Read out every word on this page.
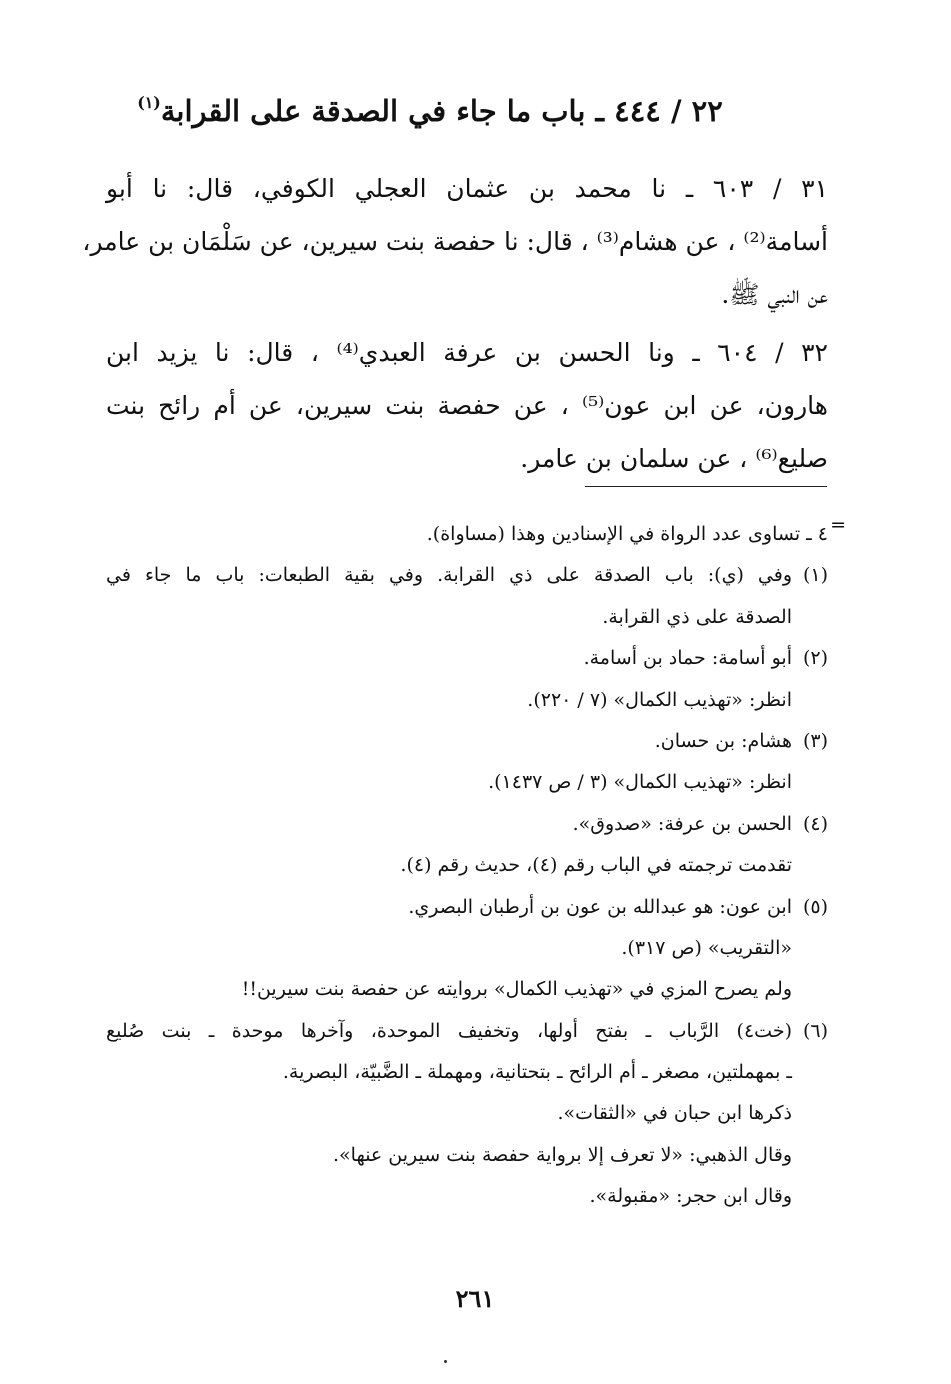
٢٢ / ٤٤٤ ـ باب ما جاء في الصدقة على القرابة$^{(١)}$
٣١ / ٦٠٣ ـ نا محمد بن عثمان العجلي الكوفي، قال: نا أبو
أسامة⁽²⁾ ، عن هشام⁽³⁾ ، قال: نا حفصة بنت سيرين، عن سَلْمَان بن عامر،
عن النبي ﷺ.
٣٢ / ٦٠٤ ـ ونا الحسن بن عرفة العبدي⁽⁴⁾ ، قال: نا يزيد ابن
هارون، عن ابن عون⁽⁵⁾ ، عن حفصة بنت سيرين، عن أم رائح بنت
صليع⁽⁶⁾ ، عن سلمان بن عامر.
=
٤ ـ تساوى عدد الرواة في الإسنادين وهذا (مساواة).
(١)وفي (ي): باب الصدقة على ذي القرابة. وفي بقية الطبعات: باب ما جاء في
الصدقة على ذي القرابة.
(٢)أبو أسامة: حماد بن أسامة.
انظر: «تهذيب الكمال» (٧ / ٢٢٠).
(٣)هشام: بن حسان.
انظر: «تهذيب الكمال» (٣ / ص ١٤٣٧).
(٤)الحسن بن عرفة: «صدوق».
تقدمت ترجمته في الباب رقم (٤)، حديث رقم (٤).
(٥)ابن عون: هو عبدالله بن عون بن أرطبان البصري.
«التقريب» (ص ٣١٧).
ولم يصرح المزي في «تهذيب الكمال» بروايته عن حفصة بنت سيرين!!
(٦)(خت٤) الرَّباب ـ بفتح أولها، وتخفيف الموحدة، وآخرها موحدة ـ بنت صُليع
ـ بمهملتين، مصغر ـ أم الرائح ـ بتحتانية، ومهملة ـ الضَّبيّة، البصرية.
ذكرها ابن حبان في «الثقات».
وقال الذهبي: «لا تعرف إلا برواية حفصة بنت سيرين عنها».
وقال ابن حجر: «مقبولة».
٢٦١
